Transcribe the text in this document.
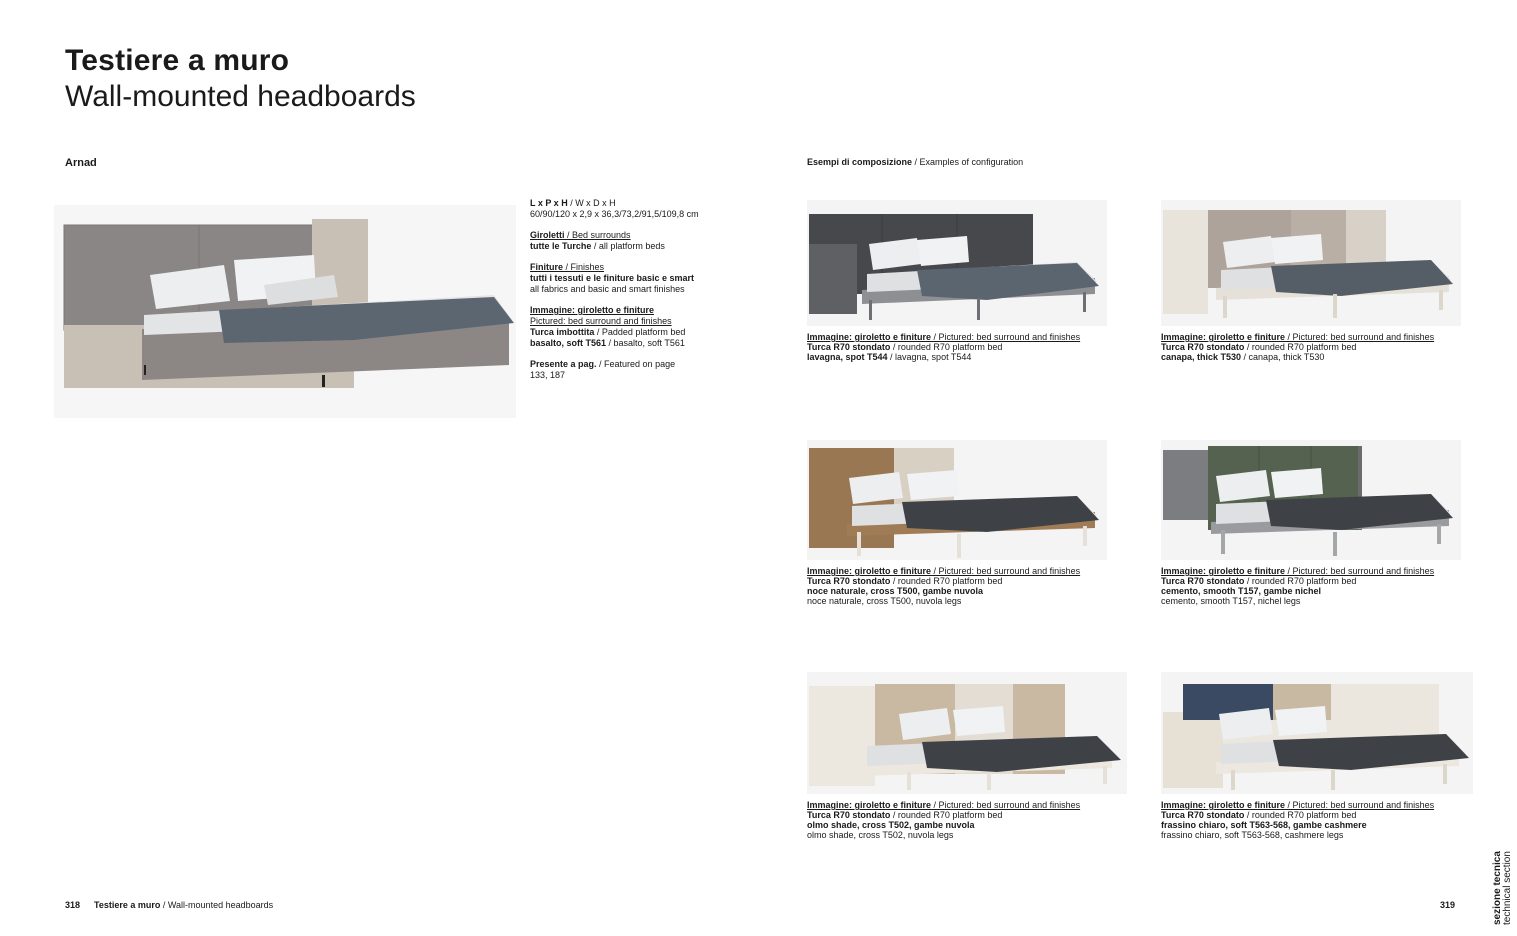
Testiere a muro
Wall-mounted headboards
Arnad	Esempi di composizione / Examples of configuration
L x P x H / W x D x H
60/90/120 x 2,9 x 36,3/73,2/91,5/109,8 cm
Giroletti / Bed surrounds
tutte le Turche / all platform beds
Finiture / Finishes
tutti i tessuti e le finiture basic e smart
all fabrics and basic and smart finishes
Immagine: giroletto e finiture
Pictured: bed surround and finishes
Turca imbottita / Padded platform bed
basalto, soft T561 / basalto, soft T561
Presente a pag. / Featured on page
133, 187
Immagine: giroletto e finiture / Pictured: bed surround and finishes
Turca R70 stondato / rounded R70 platform bed
lavagna, spot T544 / lavagna, spot T544
Immagine: giroletto e finiture / Pictured: bed surround and finishes
Turca R70 stondato / rounded R70 platform bed
canapa, thick T530 / canapa, thick T530
Immagine: giroletto e finiture / Pictured: bed surround and finishes
Turca R70 stondato / rounded R70 platform bed
noce naturale, cross T500, gambe nuvola
noce naturale, cross T500, nuvola legs
Immagine: giroletto e finiture / Pictured: bed surround and finishes
Turca R70 stondato / rounded R70 platform bed
cemento, smooth T157, gambe nichel
cemento, smooth T157, nichel legs
Immagine: giroletto e finiture / Pictured: bed surround and finishes
Turca R70 stondato / rounded R70 platform bed
olmo shade, cross T502, gambe nuvola
olmo shade, cross T502, nuvola legs
Immagine: giroletto e finiture / Pictured: bed surround and finishes
Turca R70 stondato / rounded R70 platform bed
frassino chiaro, soft T563-568, gambe cashmere
frassino chiaro, soft T563-568, cashmere legs
318 Testiere a muro / Wall-mounted headboards	319	sezione tecnica technical section
